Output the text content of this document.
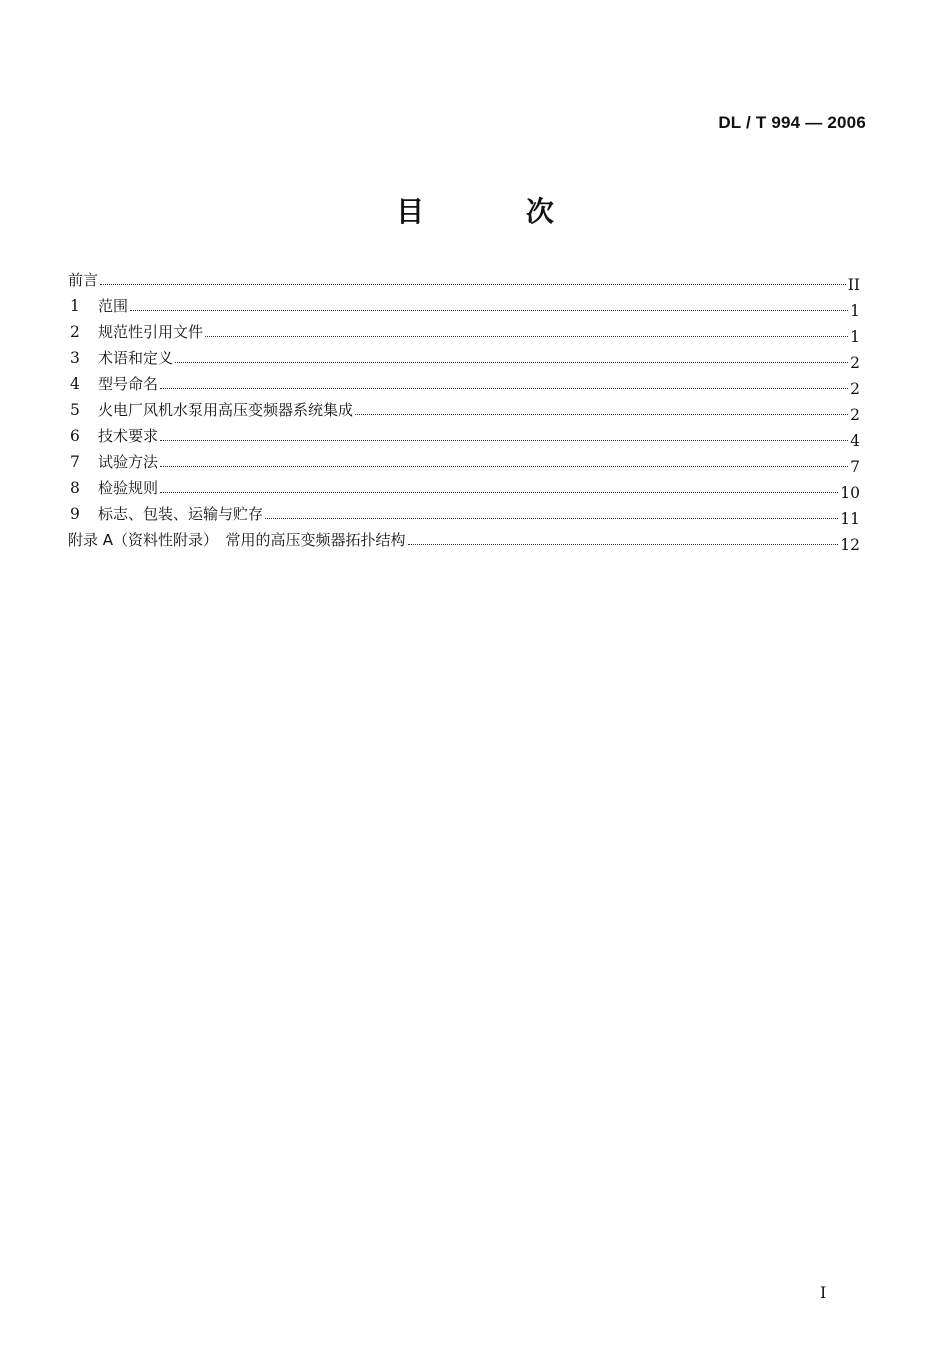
DL / T 994 — 2006
目 次
前言	II
1	范围	1
2	规范性引用文件	1
3	术语和定义	2
4	型号命名	2
5	火电厂风机水泵用高压变频器系统集成	2
6	技术要求	4
7	试验方法	7
8	检验规则	10
9	标志、包装、运输与贮存	11
附录 A（资料性附录）　常用的高压变频器拓扑结构	12
I
